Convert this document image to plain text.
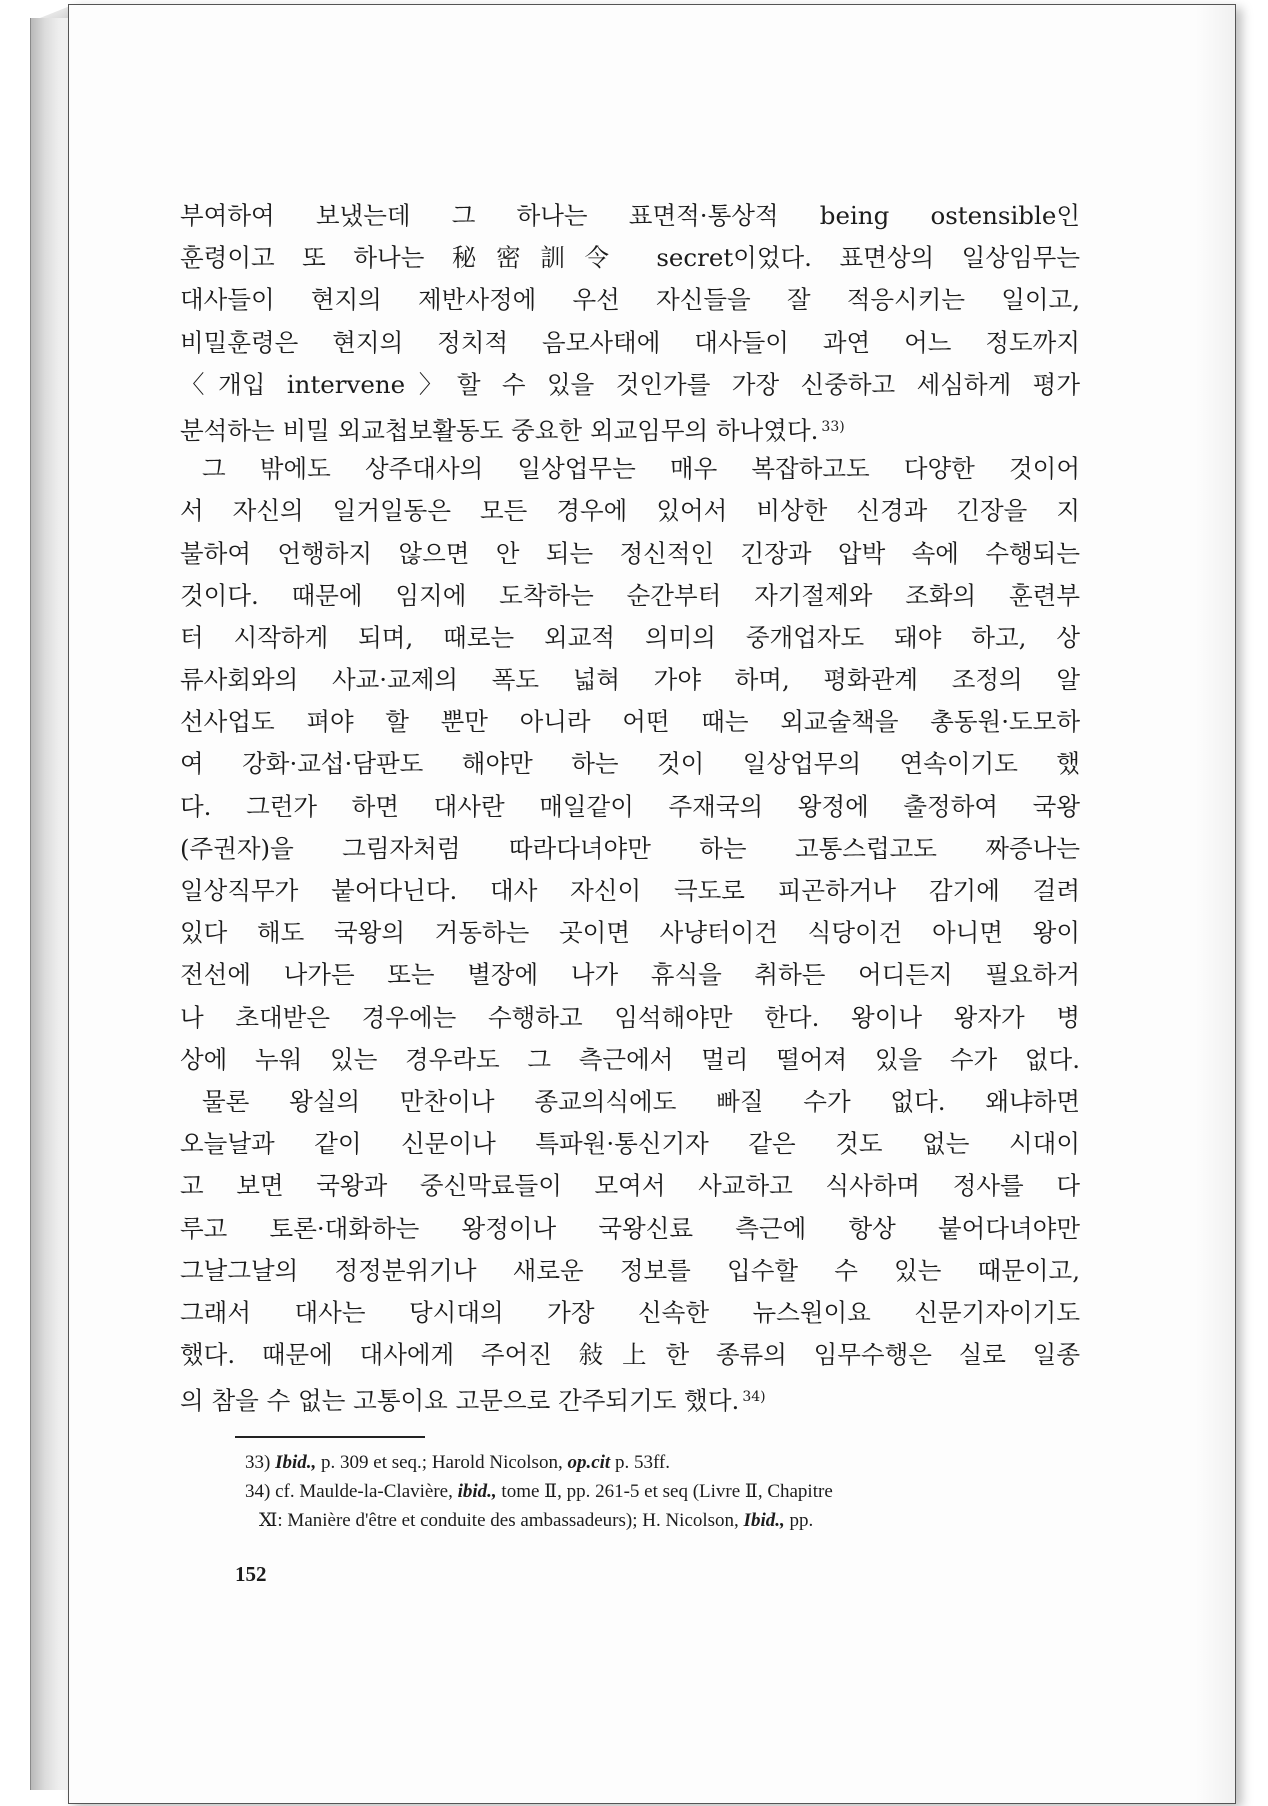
부여하여 보냈는데 그 하나는 표면적·통상적 being ostensible인
훈령이고 또 하나는 秘密訓令 secret이었다. 표면상의 일상임무는
대사들이 현지의 제반사정에 우선 자신들을 잘 적응시키는 일이고,
비밀훈령은 현지의 정치적 음모사태에 대사들이 과연 어느 정도까지
〈개입 intervene〉할 수 있을 것인가를 가장 신중하고 세심하게 평가
분석하는 비밀 외교첩보활동도 중요한 외교임무의 하나였다. $^{33)}$
그 밖에도 상주대사의 일상업무는 매우 복잡하고도 다양한 것이어
서 자신의 일거일동은 모든 경우에 있어서 비상한 신경과 긴장을 지
불하여 언행하지 않으면 안 되는 정신적인 긴장과 압박 속에 수행되는
것이다. 때문에 임지에 도착하는 순간부터 자기절제와 조화의 훈련부
터 시작하게 되며, 때로는 외교적 의미의 중개업자도 돼야 하고, 상
류사회와의 사교·교제의 폭도 넓혀 가야 하며, 평화관계 조정의 알
선사업도 펴야 할 뿐만 아니라 어떤 때는 외교술책을 총동원·도모하
여 강화·교섭·담판도 해야만 하는 것이 일상업무의 연속이기도 했
다. 그런가 하면 대사란 매일같이 주재국의 왕정에 출정하여 국왕
(주권자)을 그림자처럼 따라다녀야만 하는 고통스럽고도 짜증나는
일상직무가 붙어다닌다. 대사 자신이 극도로 피곤하거나 감기에 걸려
있다 해도 국왕의 거동하는 곳이면 사냥터이건 식당이건 아니면 왕이
전선에 나가든 또는 별장에 나가 휴식을 취하든 어디든지 필요하거
나 초대받은 경우에는 수행하고 임석해야만 한다. 왕이나 왕자가 병
상에 누워 있는 경우라도 그 측근에서 멀리 떨어져 있을 수가 없다.
물론 왕실의 만찬이나 종교의식에도 빠질 수가 없다. 왜냐하면
오늘날과 같이 신문이나 특파원·통신기자 같은 것도 없는 시대이
고 보면 국왕과 중신막료들이 모여서 사교하고 식사하며 정사를 다
루고 토론·대화하는 왕정이나 국왕신료 측근에 항상 붙어다녀야만
그날그날의 정정분위기나 새로운 정보를 입수할 수 있는 때문이고,
그래서 대사는 당시대의 가장 신속한 뉴스원이요 신문기자이기도
했다. 때문에 대사에게 주어진 敍上한 종류의 임무수행은 실로 일종
의 참을 수 없는 고통이요 고문으로 간주되기도 했다. $^{34)}$
33) Ibid., p. 309 et seq.; Harold Nicolson, op.cit p. 53ff.
34) cf. Maulde-la-Clavière, ibid., tome Ⅱ, pp. 261-5 et seq (Livre Ⅱ, Chapitre
Ⅺ: Manière d'être et conduite des ambassadeurs); H. Nicolson, Ibid., pp.
152
